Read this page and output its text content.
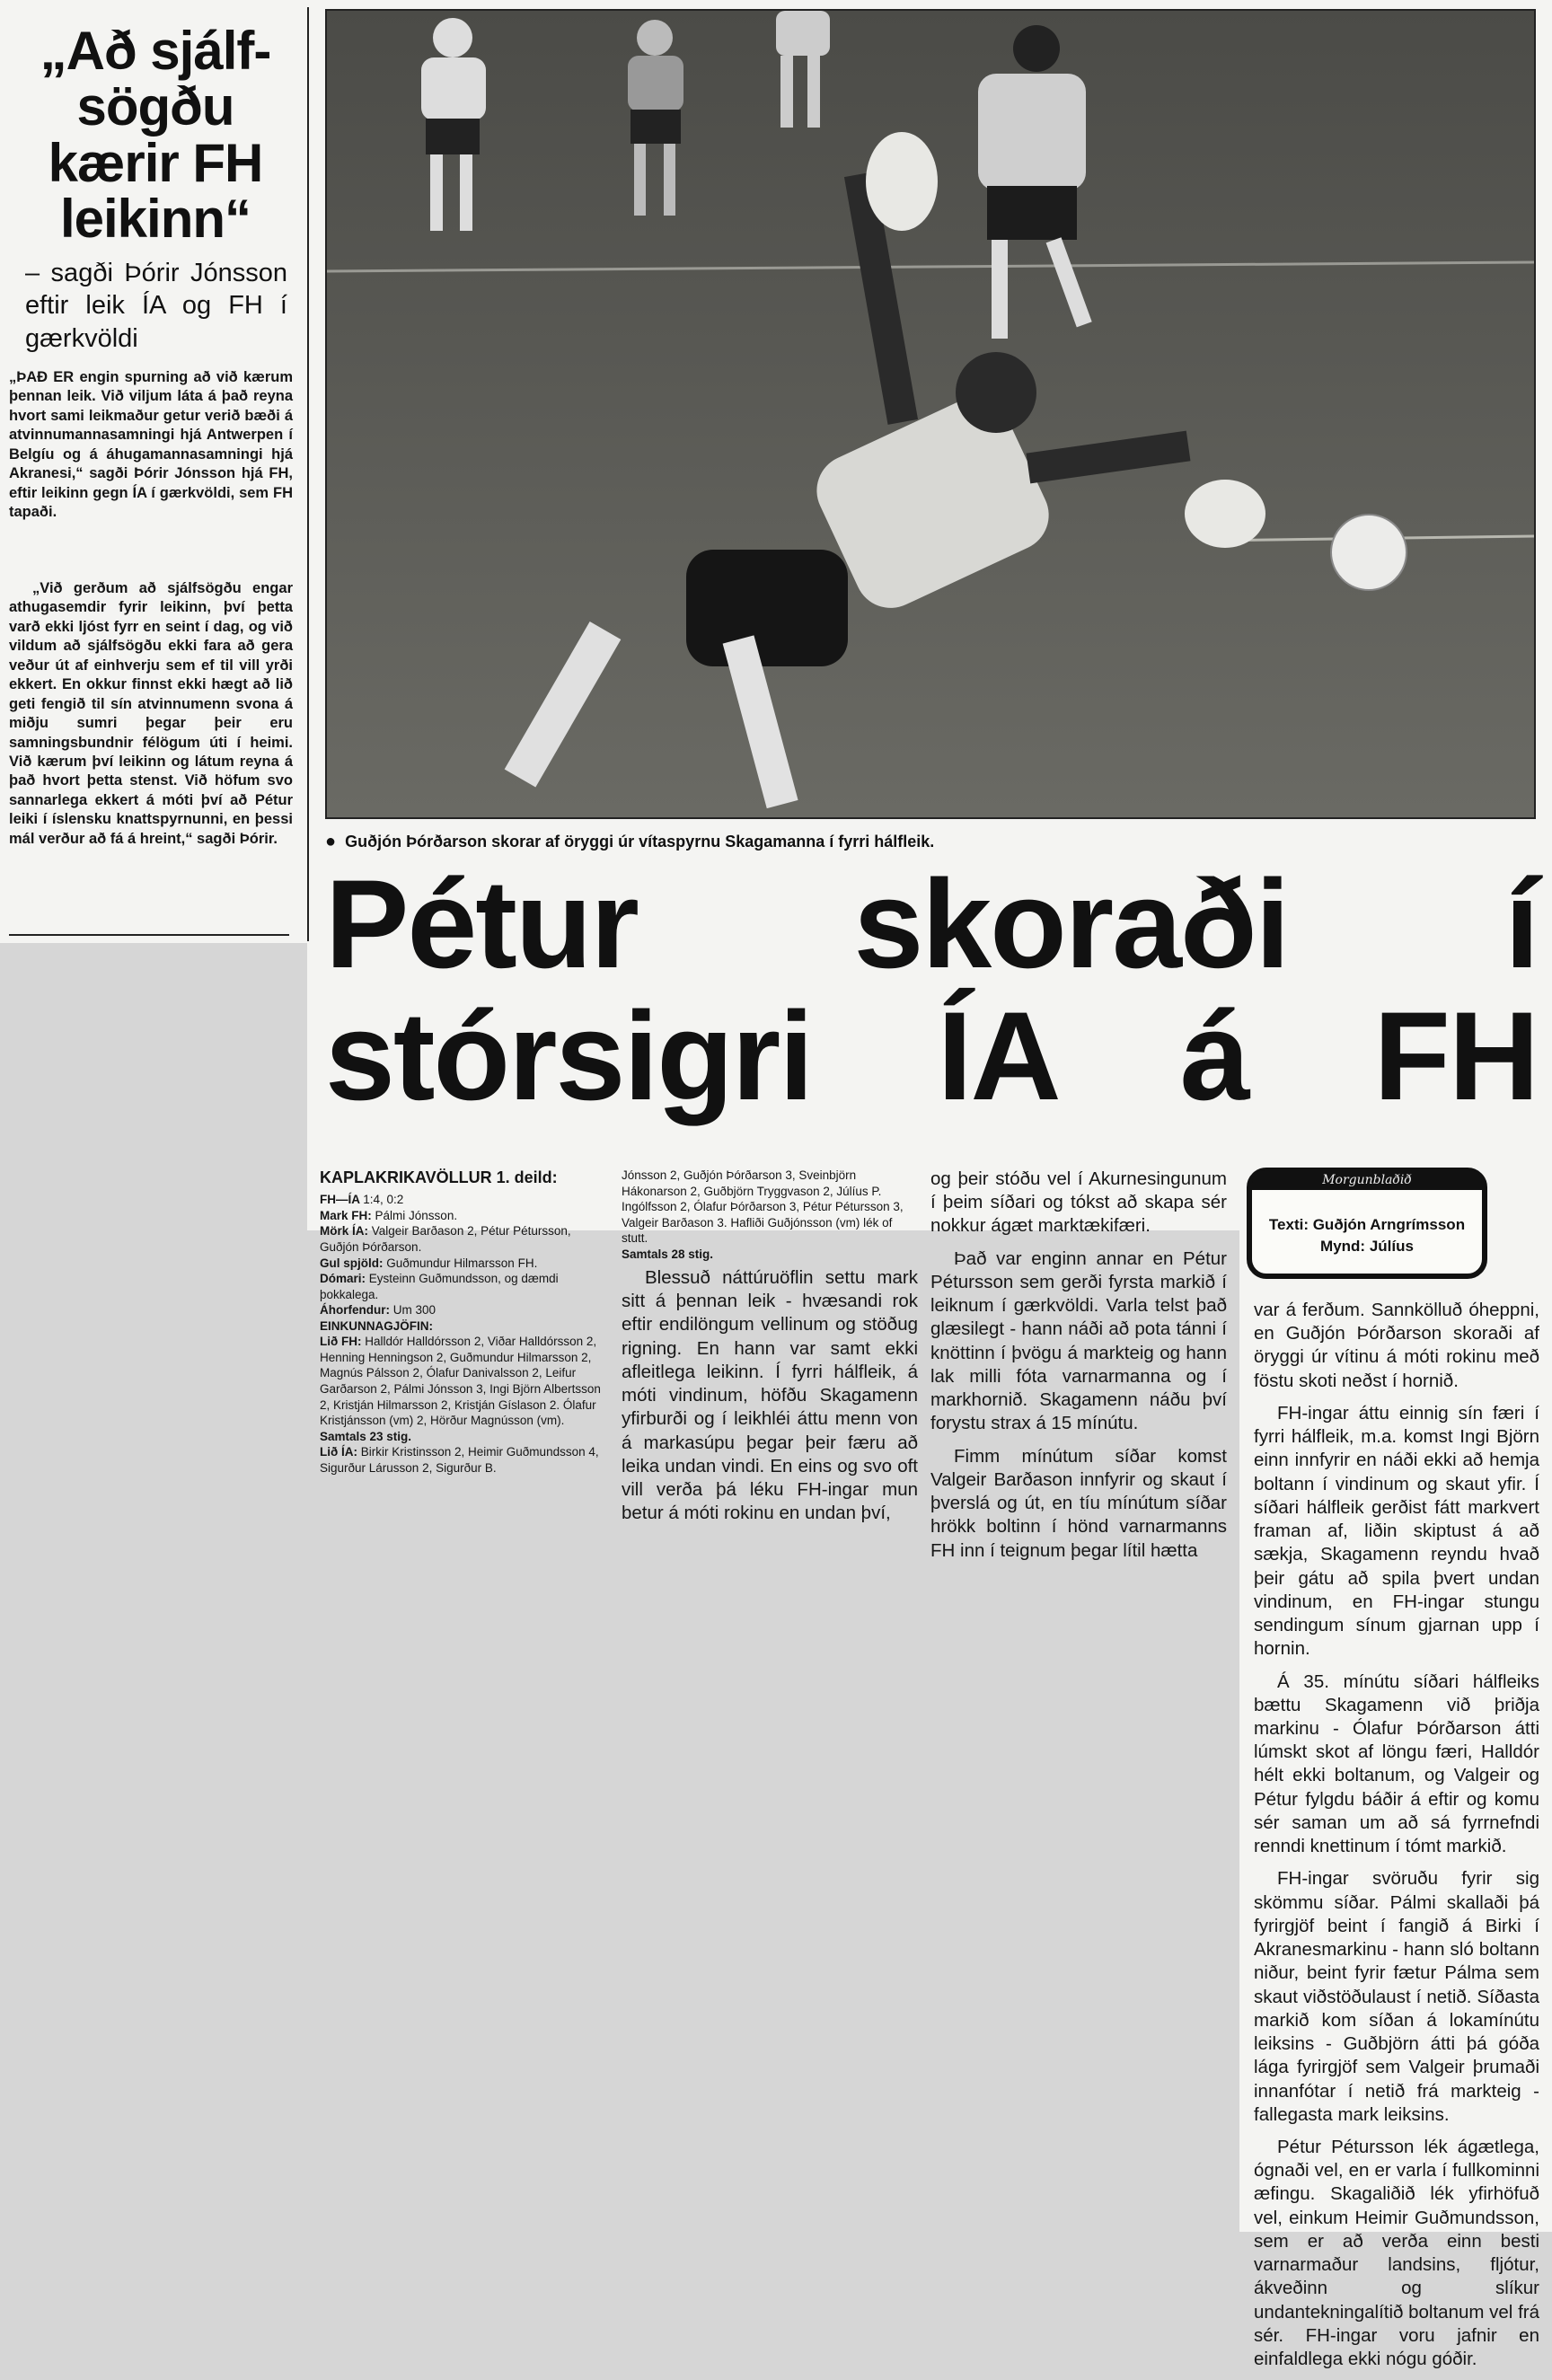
„Að sjálf-sögðu kærir FH leikinn“
– sagði Þórir Jónsson eftir leik ÍA og FH í gærkvöldi

„ÞAÐ ER engin spurning að við kærum þennan leik. Við viljum láta á það reyna hvort sami leikmaður getur verið bæði á atvinnumannasamningi hjá Antwerpen í Belgíu og á áhugamannasamningi hjá Akranesi,“ sagði Þórir Jónsson hjá FH, eftir leikinn gegn ÍA í gærkvöldi, sem FH tapaði.

„Við gerðum að sjálfsögðu engar athugasemdir fyrir leikinn, því þetta varð ekki ljóst fyrr en seint í dag, og við vildum að sjálfsögðu ekki fara að gera veður út af einhverju sem ef til vill yrði ekkert. En okkur finnst ekki hægt að lið geti fengið til sín atvinnumenn svona á miðju sumri þegar þeir eru samningsbundnir félögum úti í heimi. Við kærum því leikinn og látum reyna á það hvort þetta stenst. Við höfum svo sannarlega ekkert á móti því að Pétur leiki í íslensku knattspyrnunni, en þessi mál verður að fá á hreint,“ sagði Þórir.	● Guðjón Þórðarson skorar af öryggi úr vítaspyrnu Skagamanna í fyrri hálfleik.
Pétur skoraði í
stórsigri ÍA á FH
KAPLAKRIKAVÖLLUR 1. deild:
FH—ÍA 1:4, 0:2
Mark FH: Pálmi Jónsson.
Mörk ÍA: Valgeir Barðason 2, Pétur Pétursson, Guðjón Þórðarson.
Gul spjöld: Guðmundur Hilmarsson FH.
Dómari: Eysteinn Guðmundsson, og dæmdi þokkalega.
Áhorfendur: Um 300
EINKUNNAGJÖFIN:
Lið FH: Halldór Halldórsson 2, Viðar Halldórsson 2, Henning Henningson 2, Guðmundur Hilmarsson 2, Magnús Pálsson 2, Ólafur Danivalsson 2, Leifur Garðarson 2, Pálmi Jónsson 3, Ingi Björn Albertsson 2, Kristján Hilmarsson 2, Kristján Gíslason 2. Ólafur Kristjánsson (vm) 2, Hörður Magnússon (vm).
Samtals 23 stig.
Lið ÍA: Birkir Kristinsson 2, Heimir Guðmundsson 4, Sigurður Lárusson 2, Sigurður B.
Jónsson 2, Guðjón Þórðarson 3, Sveinbjörn Hákonarson 2, Guðbjörn Tryggvason 2, Júlíus P. Ingólfsson 2, Ólafur Þórðarson 3, Pétur Pétursson 3, Valgeir Barðason 3. Hafliði Guðjónsson (vm) lék of stutt.
Samtals 28 stig.

Blessuð náttúruöflin settu mark sitt á þennan leik - hvæsandi rok eftir endilöngum vellinum og stöðug rigning. En hann var samt ekki afleitlega leikinn. Í fyrri hálfleik, á móti vindinum, höfðu Skagamenn yfirburði og í leikhléi áttu menn von á markasúpu þegar þeir færu að leika undan vindi. En eins og svo oft vill verða þá léku FH-ingar mun betur á móti rokinu en undan því,

og þeir stóðu vel í Akurnesingunum í þeim síðari og tókst að skapa sér nokkur ágæt marktækifæri.

Það var enginn annar en Pétur Pétursson sem gerði fyrsta markið í leiknum í gærkvöldi. Varla telst það glæsilegt - hann náði að pota tánni í knöttinn í þvögu á markteig og hann lak milli fóta varnarmanna og í markhornið. Skagamenn náðu því forystu strax á 15 mínútu.

Fimm mínútum síðar komst Valgeir Barðason innfyrir og skaut í þverslá og út, en tíu mínútum síðar hrökk boltinn í hönd varnarmanns FH inn í teignum þegar lítil hætta

Morgunblaðið
Texti: Guðjón Arngrímsson
Mynd: Júlíus

var á ferðum. Sannkölluð óheppni, en Guðjón Þórðarson skoraði af öryggi úr vítinu á móti rokinu með föstu skoti neðst í hornið.

FH-ingar áttu einnig sín færi í fyrri hálfleik, m.a. komst Ingi Björn einn innfyrir en náði ekki að hemja boltann í vindinum og skaut yfir. Í síðari hálfleik gerðist fátt markvert framan af, liðin skiptust á að sækja, Skagamenn reyndu hvað þeir gátu að spila þvert undan vindinum, en FH-ingar stungu sendingum sínum gjarnan upp í hornin.

Á 35. mínútu síðari hálfleiks bættu Skagamenn við þriðja markinu - Ólafur Þórðarson átti lúmskt skot af löngu færi, Halldór hélt ekki boltanum, og Valgeir og Pétur fylgdu báðir á eftir og komu sér saman um að sá fyrrnefndi renndi knettinum í tómt markið.

FH-ingar svöruðu fyrir sig skömmu síðar. Pálmi skallaði þá fyrirgjöf beint í fangið á Birki í Akranesmarkinu - hann sló boltann niður, beint fyrir fætur Pálma sem skaut viðstöðulaust í netið. Síðasta markið kom síðan á lokamínútu leiksins - Guðbjörn átti þá góða lága fyrirgjöf sem Valgeir þrumaði innanfótar í netið frá markteig - fallegasta mark leiksins.

Pétur Pétursson lék ágætlega, ógnaði vel, en er varla í fullkominni æfingu. Skagaliðið lék yfirhöfuð vel, einkum Heimir Guðmundsson, sem er að verða einn besti varnarmaður landsins, fljótur, ákveðinn og slíkur undantekningalítið boltanum vel frá sér. FH-ingar voru jafnir en einfaldlega ekki nógu góðir.
